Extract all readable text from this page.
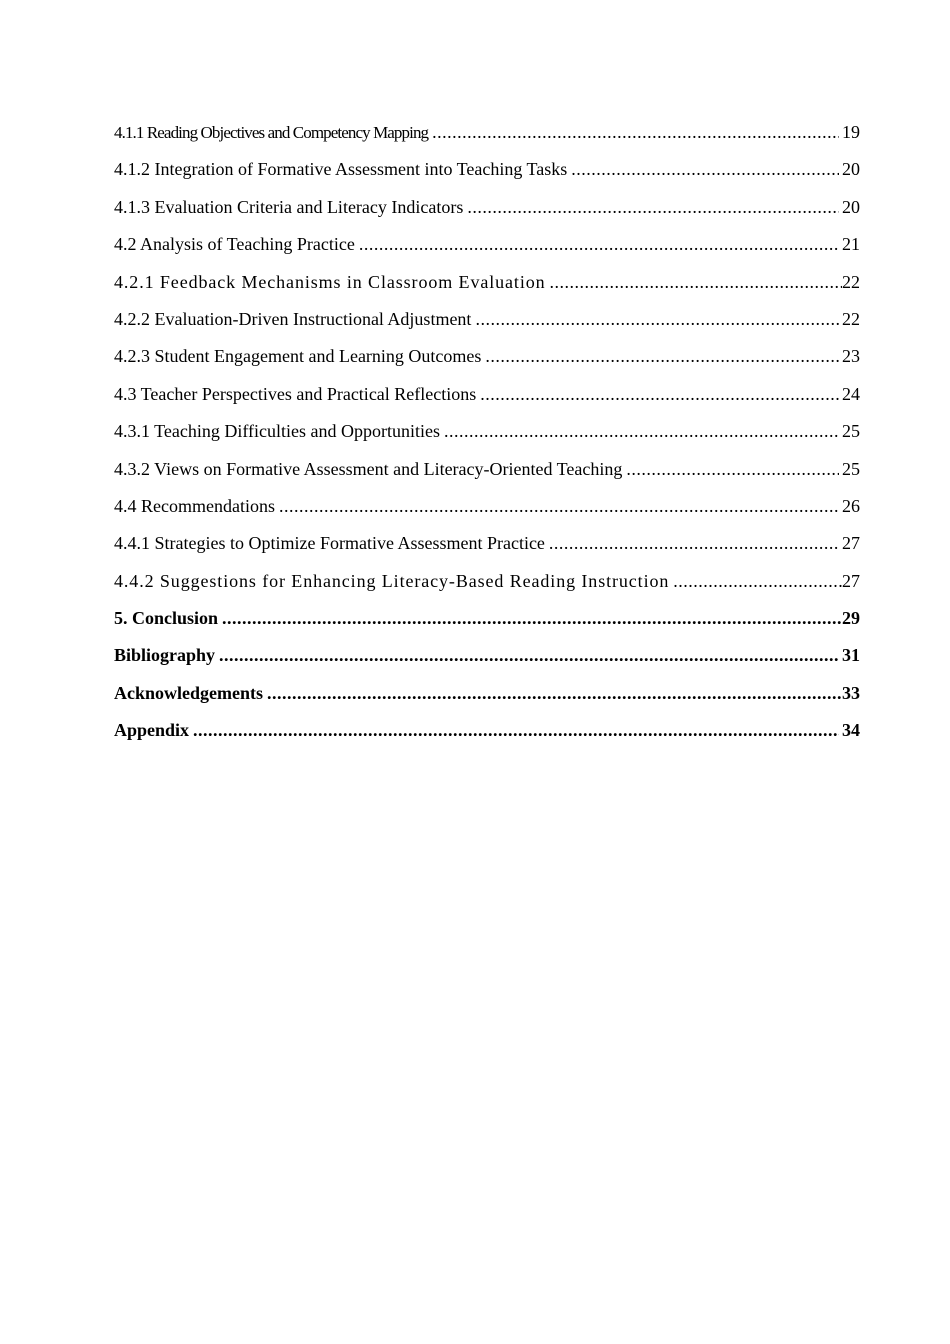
4.1.1 Reading Objectives and Competency Mapping .....	19
4.1.2 Integration of Formative Assessment into Teaching Tasks .....	20
4.1.3 Evaluation Criteria and Literacy Indicators .....	20
4.2 Analysis of Teaching Practice .....	21
4.2.1 Feedback Mechanisms in Classroom Evaluation .....	22
4.2.2 Evaluation-Driven Instructional Adjustment .....	22
4.2.3 Student Engagement and Learning Outcomes .....	23
4.3 Teacher Perspectives and Practical Reflections .....	24
4.3.1 Teaching Difficulties and Opportunities .....	25
4.3.2 Views on Formative Assessment and Literacy-Oriented Teaching .....	25
4.4 Recommendations .....	26
4.4.1 Strategies to Optimize Formative Assessment Practice .....	27
4.4.2 Suggestions for Enhancing Literacy-Based Reading Instruction .....	27
5. Conclusion .....	29
Bibliography .....	31
Acknowledgements .....	33
Appendix .....	34
